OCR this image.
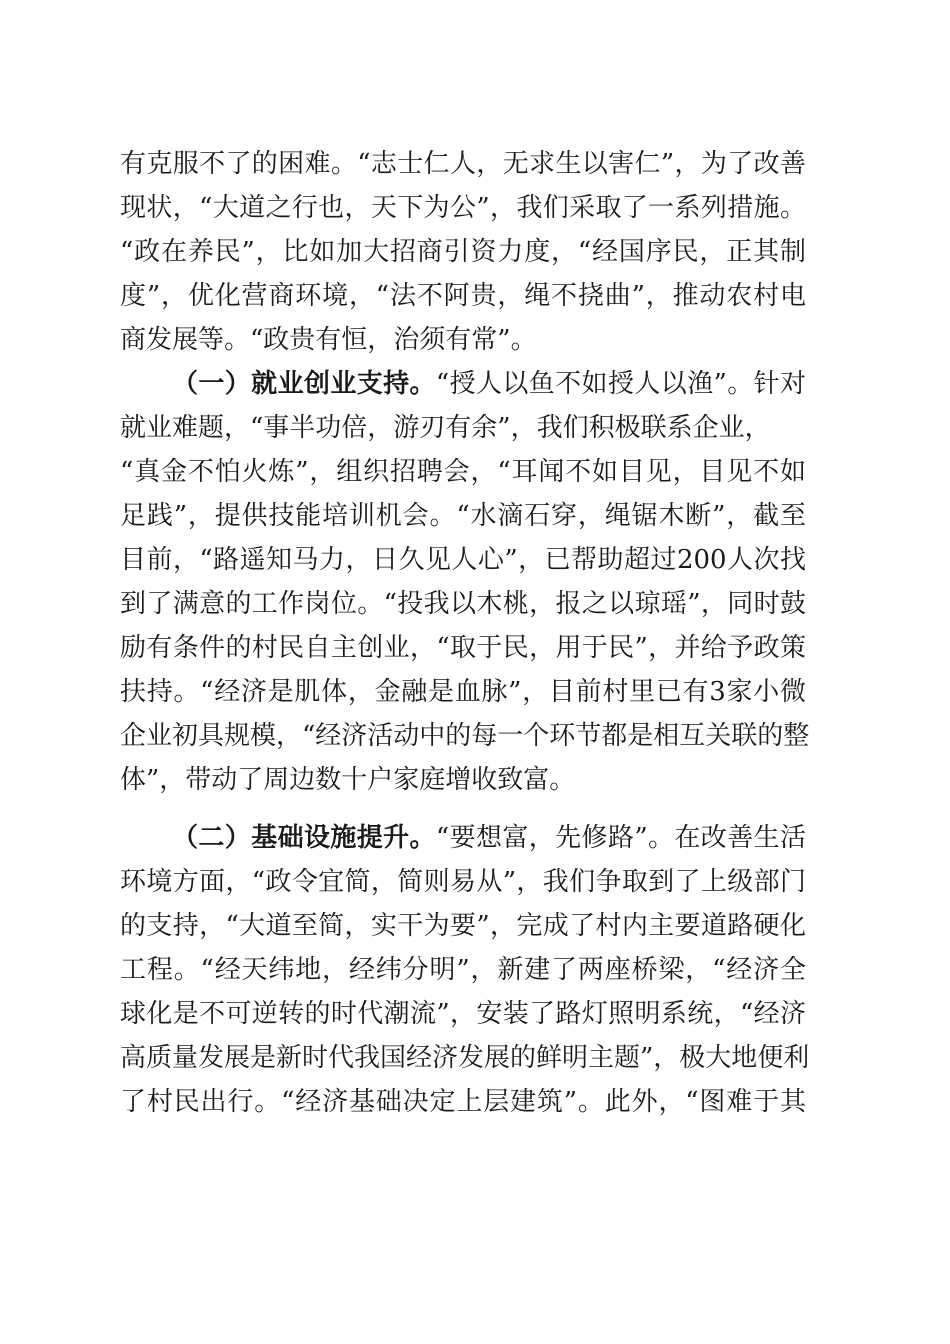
有克服不了的困难。“志士仁人，无求生以害仁”，为了改善
现状，“大道之行也，天下为公”，我们采取了一系列措施。
“政在养民”，比如加大招商引资力度，“经国序民，正其制
度”，优化营商环境，“法不阿贵，绳不挠曲”，推动农村电
商发展等。“政贵有恒，治须有常”。
（一）就业创业支持。“授人以鱼不如授人以渔”。针对
就业难题，“事半功倍，游刃有余”，我们积极联系企业，
“真金不怕火炼”，组织招聘会，“耳闻不如目见，目见不如
足践”，提供技能培训机会。“水滴石穿，绳锯木断”，截至
目前，“路遥知马力，日久见人心”，已帮助超过200人次找
到了满意的工作岗位。“投我以木桃，报之以琼瑶”，同时鼓
励有条件的村民自主创业，“取于民，用于民”，并给予政策
扶持。“经济是肌体，金融是血脉”，目前村里已有3家小微
企业初具规模，“经济活动中的每一个环节都是相互关联的整
体”，带动了周边数十户家庭增收致富。
（二）基础设施提升。“要想富，先修路”。在改善生活
环境方面，“政令宜简，简则易从”，我们争取到了上级部门
的支持，“大道至简，实干为要”，完成了村内主要道路硬化
工程。“经天纬地，经纬分明”，新建了两座桥梁，“经济全
球化是不可逆转的时代潮流”，安装了路灯照明系统，“经济
高质量发展是新时代我国经济发展的鲜明主题”，极大地便利
了村民出行。“经济基础决定上层建筑”。此外，“图难于其
